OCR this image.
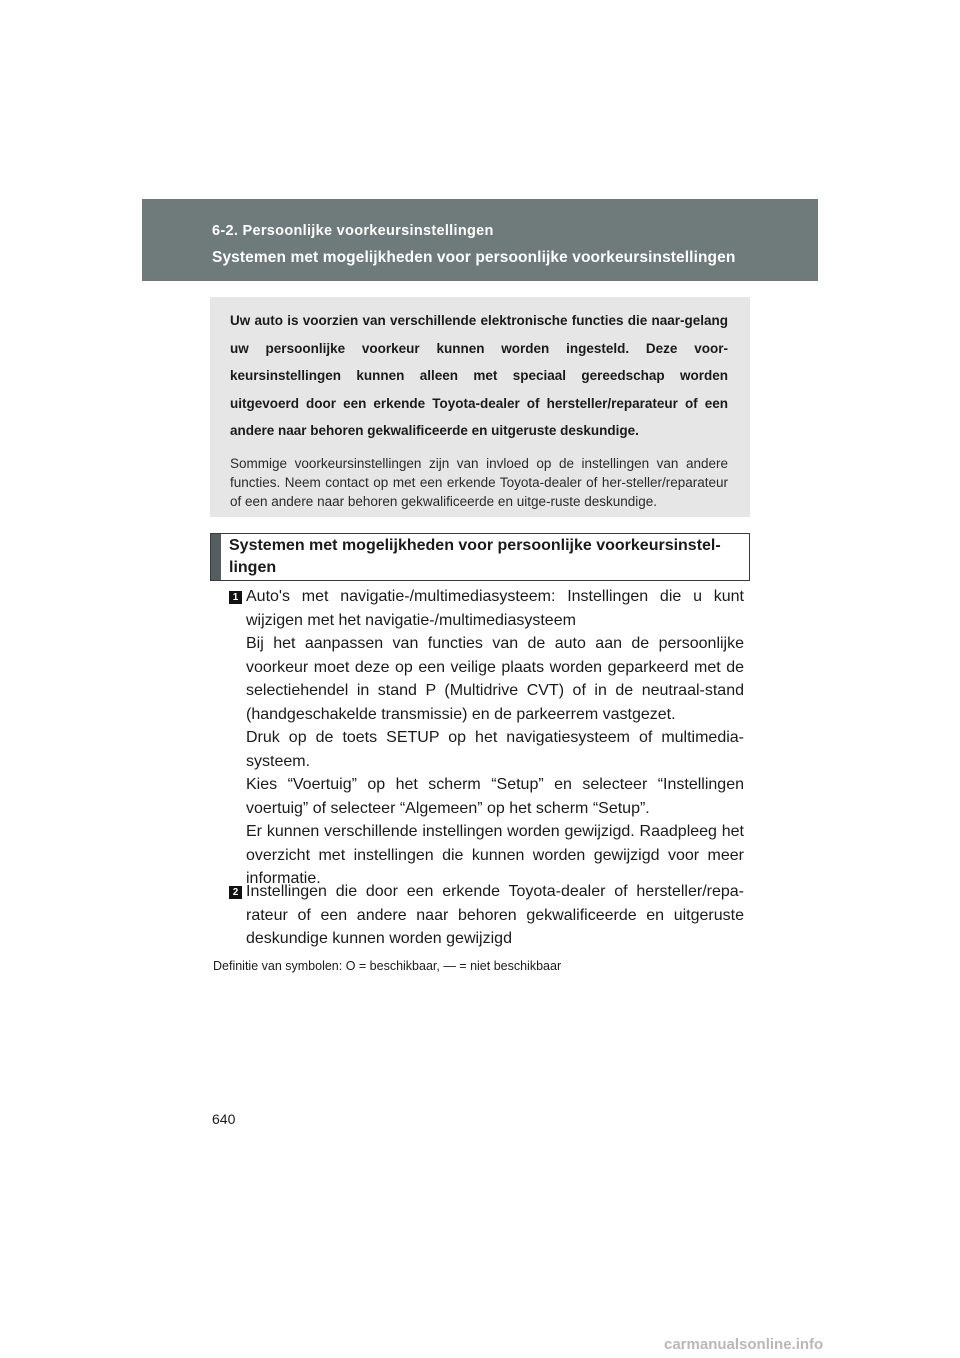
6-2. Persoonlijke voorkeursinstellingen
Systemen met mogelijkheden voor persoonlijke voorkeursinstellingen

Uw auto is voorzien van verschillende elektronische functies die naar-gelang uw persoonlijke voorkeur kunnen worden ingesteld. Deze voor-keursinstellingen kunnen alleen met speciaal gereedschap worden uitgevoerd door een erkende Toyota-dealer of hersteller/reparateur of een andere naar behoren gekwalificeerde en uitgeruste deskundige.

Sommige voorkeursinstellingen zijn van invloed op de instellingen van andere functies. Neem contact op met een erkende Toyota-dealer of her-steller/reparateur of een andere naar behoren gekwalificeerde en uitge-ruste deskundige.

Systemen met mogelijkheden voor persoonlijke voorkeursinstel-lingen
1 Auto's met navigatie-/multimediasysteem: Instellingen die u kunt wijzigen met het navigatie-/multimediasysteem

Bij het aanpassen van functies van de auto aan de persoonlijke voorkeur moet deze op een veilige plaats worden geparkeerd met de selectiehendel in stand P (Multidrive CVT) of in de neutraal-stand (handgeschakelde transmissie) en de parkeerrem vastgezet.

Druk op de toets SETUP op het navigatiesysteem of multimedia-systeem.

Kies “Voertuig” op het scherm “Setup” en selecteer “Instellingen voertuig” of selecteer “Algemeen” op het scherm “Setup”.

Er kunnen verschillende instellingen worden gewijzigd. Raadpleeg het overzicht met instellingen die kunnen worden gewijzigd voor meer informatie.

2 Instellingen die door een erkende Toyota-dealer of hersteller/repa-rateur of een andere naar behoren gekwalificeerde en uitgeruste deskundige kunnen worden gewijzigd

Definitie van symbolen: O = beschikbaar, — = niet beschikbaar
640
carmanualsonline.info
